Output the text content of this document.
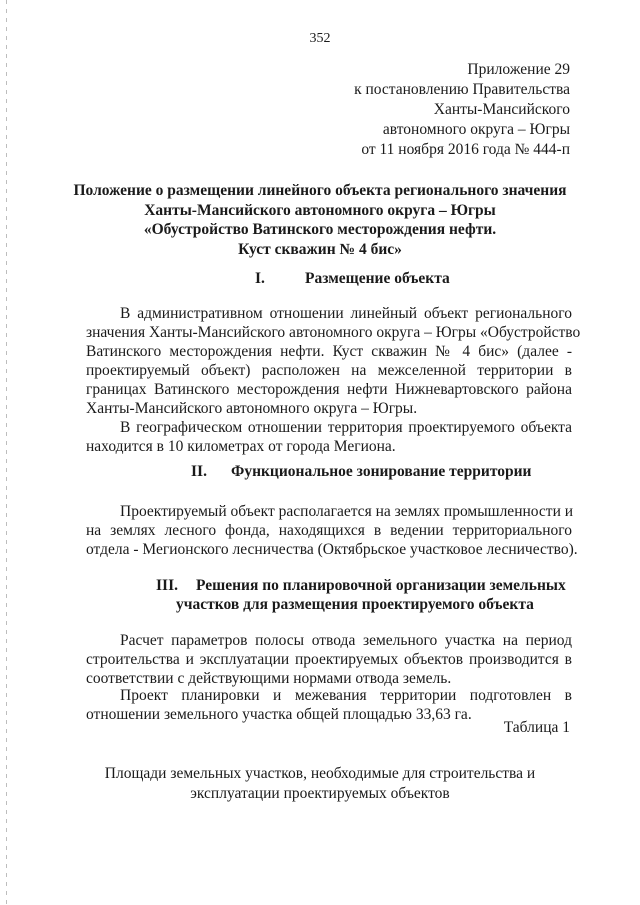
352
Приложение 29
к постановлению Правительства
Ханты-Мансийского
автономного округа – Югры
от 11 ноября 2016 года № 444-п
Положение о размещении линейного объекта регионального значения
Ханты-Мансийского автономного округа – Югры
«Обустройство Ватинского месторождения нефти.
Куст скважин № 4 бис»
I.	Размещение объекта
В административном отношении линейный объект регионального
значения Ханты-Мансийского автономного округа – Югры «Обустройство
Ватинского месторождения нефти. Куст скважин № 4 бис» (далее -
проектируемый объект) расположен на межселенной территории в
границах Ватинского месторождения нефти Нижневартовского района
Ханты-Мансийского автономного округа – Югры.
В географическом отношении территория проектируемого объекта
находится в 10 километрах от города Мегиона.
II. Функциональное зонирование территории
Проектируемый объект располагается на землях промышленности и
на землях лесного фонда, находящихся в ведении территориального
отдела - Мегионского лесничества (Октябрьское участковое лесничество).
III. Решения по планировочной организации земельных
участков для размещения проектируемого объекта
Расчет параметров полосы отвода земельного участка на период
строительства и эксплуатации проектируемых объектов производится в
соответствии с действующими нормами отвода земель.
Проект планировки и межевания территории подготовлен в
отношении земельного участка общей площадью 33,63 га.
Таблица 1
Площади земельных участков, необходимые для строительства и
эксплуатации проектируемых объектов
